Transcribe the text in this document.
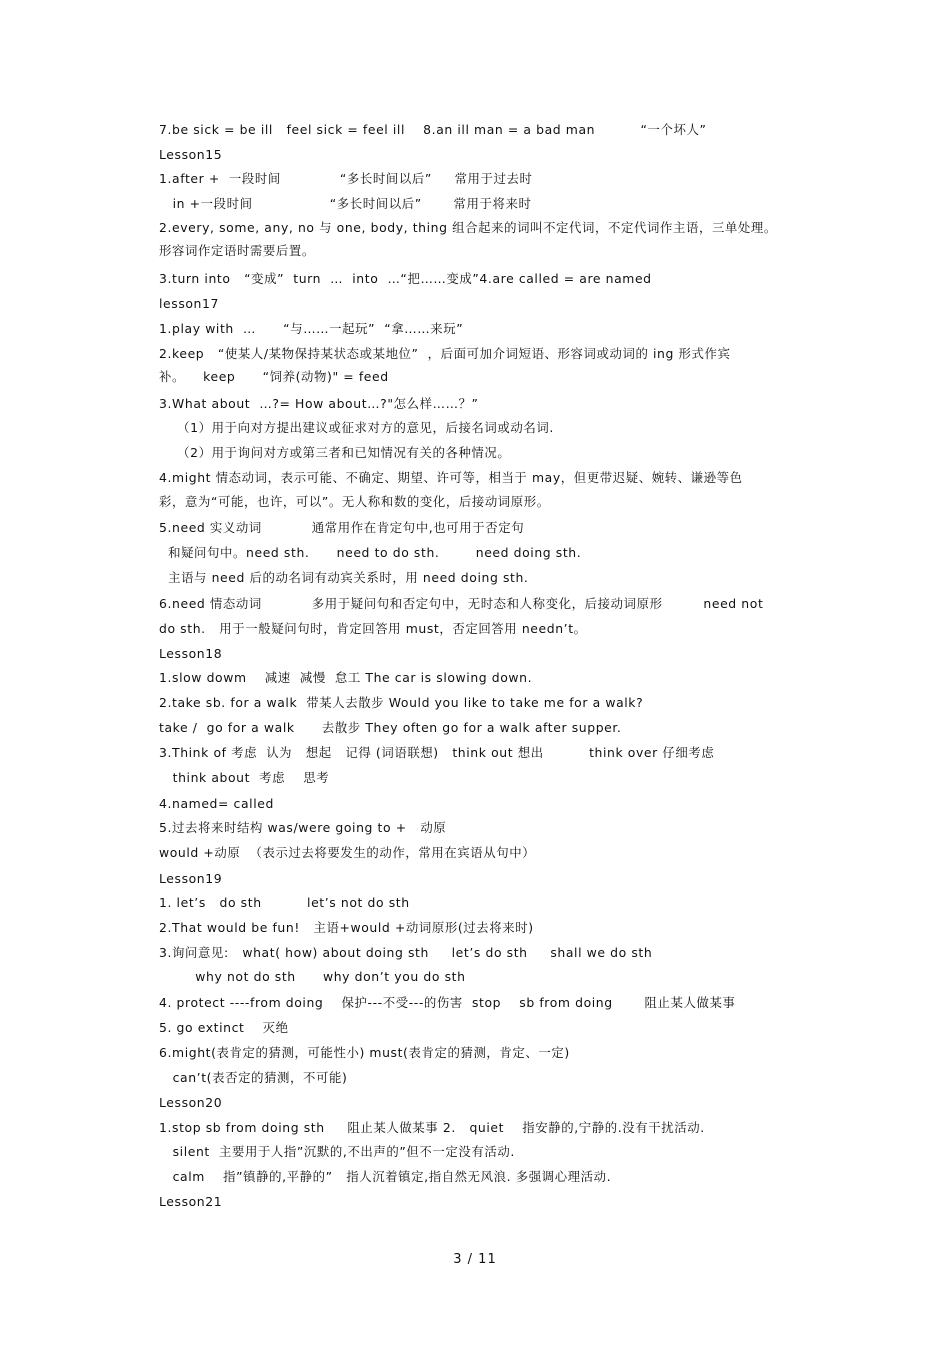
7.be sick = be ill   feel sick = feel ill    8.an ill man = a bad man          “一个坏人”
Lesson15
1.after +  一段时间             “多长时间以后”     常用于过去时
in +一段时间                 “多长时间以后”       常用于将来时
2.every, some, any, no 与 one, body, thing 组合起来的词叫不定代词，不定代词作主语，三单处理。
形容词作定语时需要后置。
3.turn into   “变成”  turn  …  into  …“把……变成”4.are called = are named
lesson17
1.play with  …      “与……一起玩”  “拿……来玩”
2.keep   “使某人/某物保持某状态或某地位”  ，后面可加介词短语、形容词或动词的 ing 形式作宾
补。    keep      “饲养(动物)" = feed
3.What about  …?= How about…?"怎么样……？”
（1）用于向对方提出建议或征求对方的意见，后接名词或动名词.
（2）用于询问对方或第三者和已知情况有关的各种情况。
4.might 情态动词，表示可能、不确定、期望、许可等，相当于 may，但更带迟疑、婉转、谦逊等色
彩，意为“可能，也许，可以”。无人称和数的变化，后接动词原形。
5.need 实义动词           通常用作在肯定句中,也可用于否定句
和疑问句中。need sth.      need to do sth.        need doing sth.
主语与 need 后的动名词有动宾关系时，用 need doing sth.
6.need 情态动词           多用于疑问句和否定句中，无时态和人称变化，后接动词原形         need not
do sth.   用于一般疑问句时，肯定回答用 must，否定回答用 needn’t。
Lesson18
1.slow dowm    减速  减慢  怠工 The car is slowing down.
2.take sb. for a walk  带某人去散步 Would you like to take me for a walk?
take /  go for a walk      去散步 They often go for a walk after supper.
3.Think of 考虑  认为   想起   记得 (词语联想)   think out 想出          think over 仔细考虑
think about  考虑    思考
4.named= called
5.过去将来时结构 was/were going to +   动原
would +动原  （表示过去将要发生的动作，常用在宾语从句中）
Lesson19
1. let’s   do sth          let’s not do sth
2.That would be fun!   主语+would +动词原形(过去将来时)
3.询问意见:   what( how) about doing sth     let’s do sth     shall we do sth
why not do sth      why don’t you do sth
4. protect ----from doing    保护---不受---的伤害  stop    sb from doing       阻止某人做某事
5. go extinct    灭绝
6.might(表肯定的猜测，可能性小) must(表肯定的猜测，肯定、一定)
can’t(表否定的猜测，不可能)
Lesson20
1.stop sb from doing sth     阻止某人做某事 2.   quiet    指安静的,宁静的.没有干扰活动.
silent  主要用于人指”沉默的,不出声的”但不一定没有活动.
calm    指”镇静的,平静的”   指人沉着镇定,指自然无风浪. 多强调心理活动.
Lesson21
3 / 11
